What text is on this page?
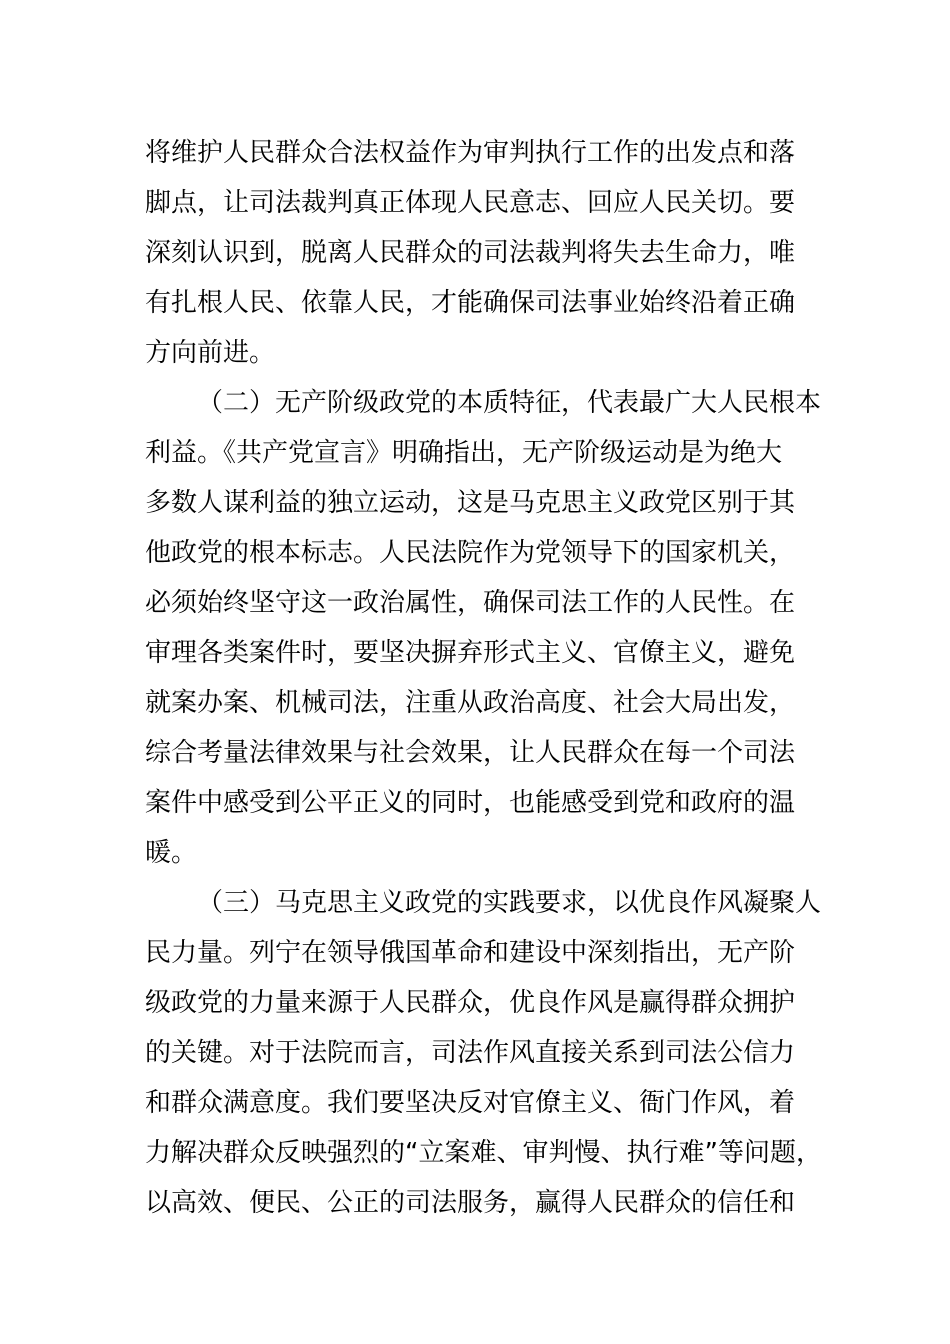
将维护人民群众合法权益作为审判执行工作的出发点和落
脚点，让司法裁判真正体现人民意志、回应人民关切。要
深刻认识到，脱离人民群众的司法裁判将失去生命力，唯
有扎根人民、依靠人民，才能确保司法事业始终沿着正确
方向前进。
（二）无产阶级政党的本质特征，代表最广大人民根本
利益。《共产党宣言》明确指出，无产阶级运动是为绝大
多数人谋利益的独立运动，这是马克思主义政党区别于其
他政党的根本标志。人民法院作为党领导下的国家机关，
必须始终坚守这一政治属性，确保司法工作的人民性。在
审理各类案件时，要坚决摒弃形式主义、官僚主义，避免
就案办案、机械司法，注重从政治高度、社会大局出发，
综合考量法律效果与社会效果，让人民群众在每一个司法
案件中感受到公平正义的同时，也能感受到党和政府的温
暖。
（三）马克思主义政党的实践要求，以优良作风凝聚人
民力量。列宁在领导俄国革命和建设中深刻指出，无产阶
级政党的力量来源于人民群众，优良作风是赢得群众拥护
的关键。对于法院而言，司法作风直接关系到司法公信力
和群众满意度。我们要坚决反对官僚主义、衙门作风，着
力解决群众反映强烈的“立案难、审判慢、执行难”等问题，
以高效、便民、公正的司法服务，赢得人民群众的信任和
